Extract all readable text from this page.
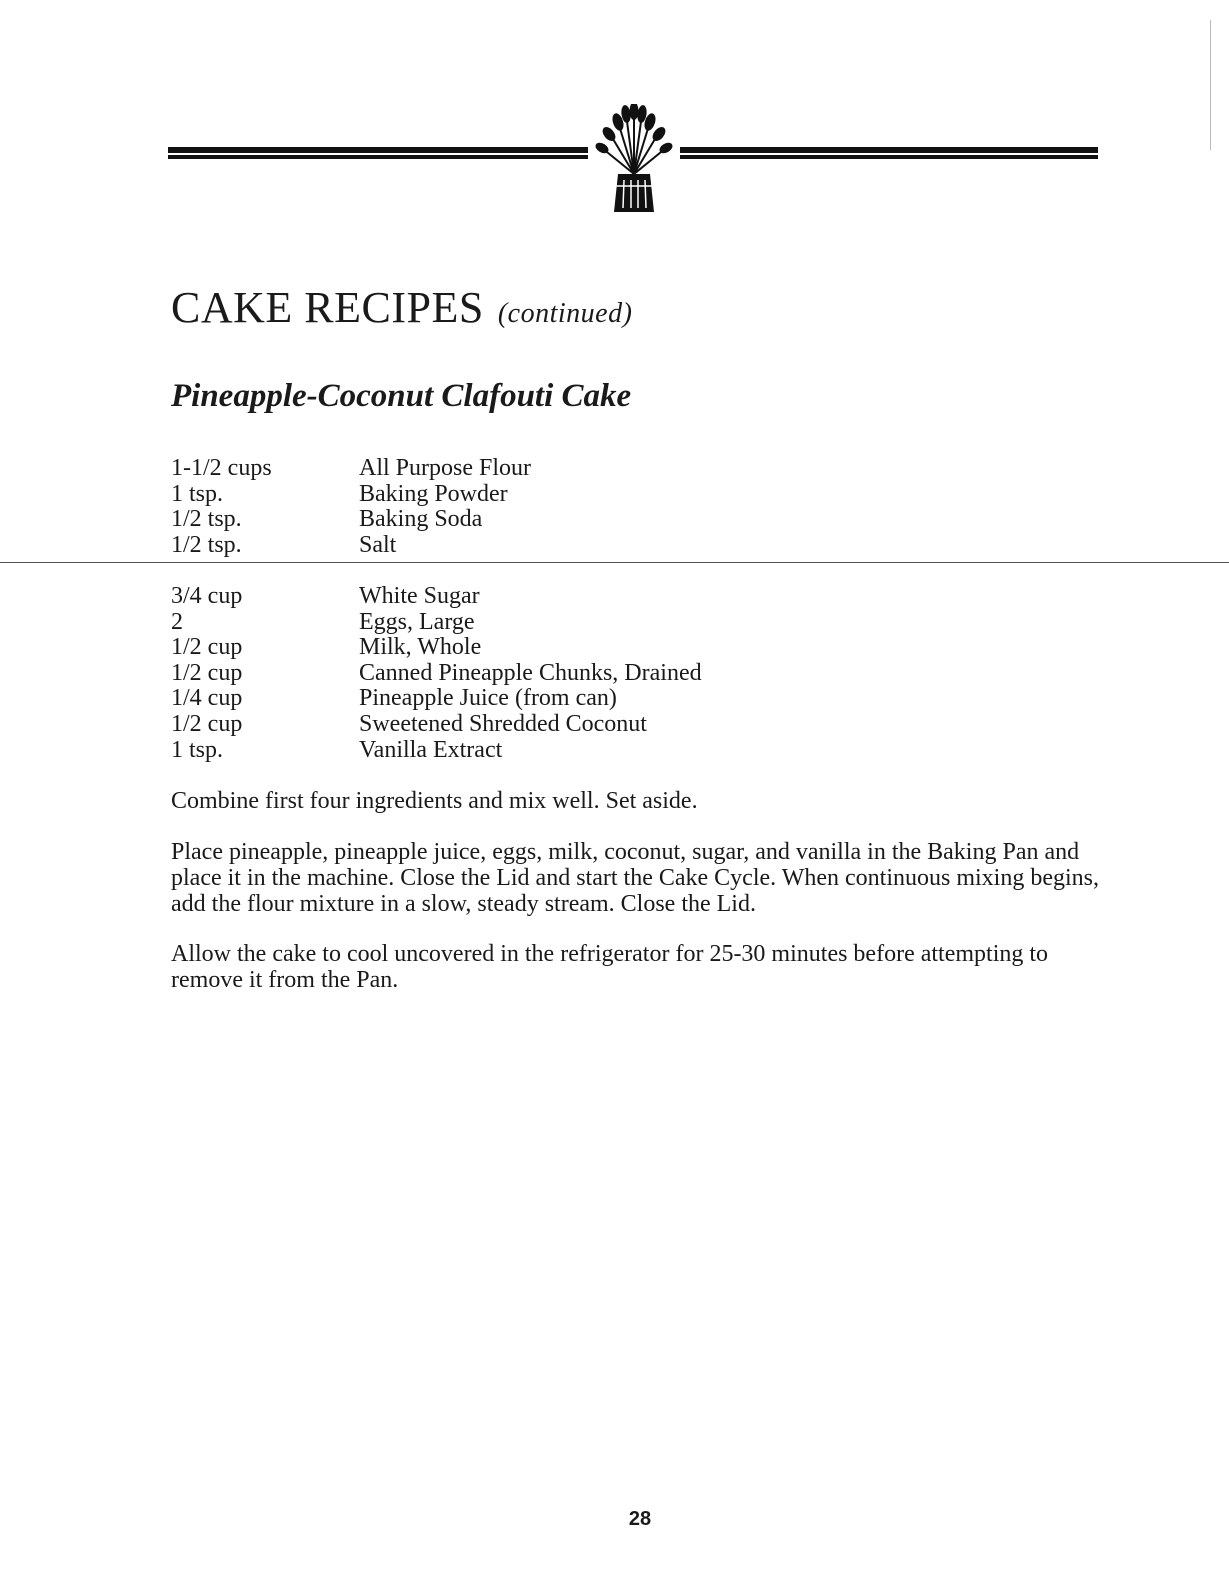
CAKE RECIPES (continued)
Pineapple-Coconut Clafouti Cake
1-1/2 cups	All Purpose Flour
1 tsp.	Baking Powder
1/2 tsp.	Baking Soda
1/2 tsp.	Salt
3/4 cup	White Sugar
2	Eggs, Large
1/2 cup	Milk, Whole
1/2 cup	Canned Pineapple Chunks, Drained
1/4 cup	Pineapple Juice (from can)
1/2 cup	Sweetened Shredded Coconut
1 tsp.	Vanilla Extract

Combine first four ingredients and mix well. Set aside.

Place pineapple, pineapple juice, eggs, milk, coconut, sugar, and vanilla in the Baking Pan and place it in the machine. Close the Lid and start the Cake Cycle. When continuous mixing begins, add the flour mixture in a slow, steady stream. Close the Lid.

Allow the cake to cool uncovered in the refrigerator for 25-30 minutes before attempting to remove it from the Pan.

28
